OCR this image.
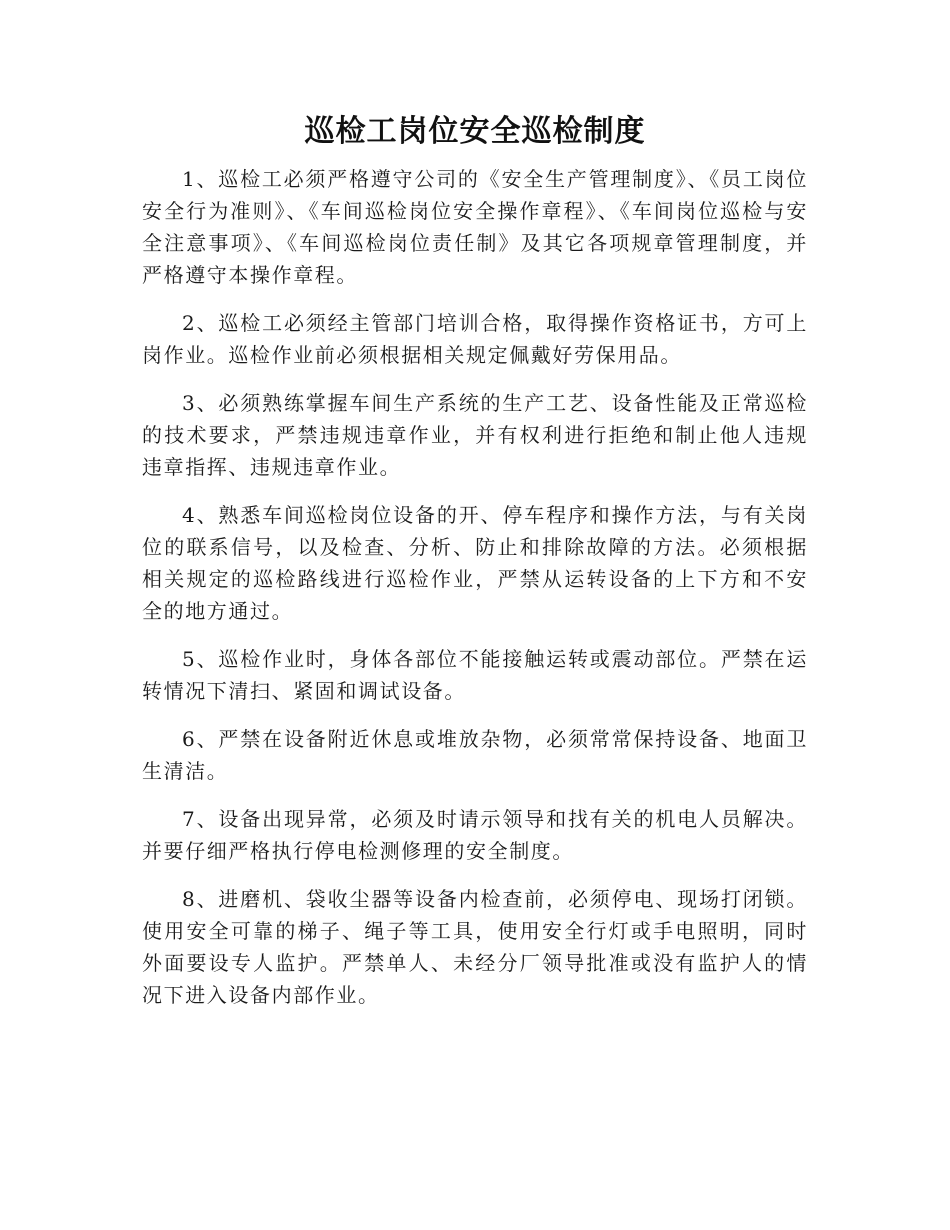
巡检工岗位安全巡检制度

1、巡检工必须严格遵守公司的《安全生产管理制度》、《员工岗位安全行为准则》、《车间巡检岗位安全操作章程》、《车间岗位巡检与安全注意事项》、《车间巡检岗位责任制》及其它各项规章管理制度，并严格遵守本操作章程。

2、巡检工必须经主管部门培训合格，取得操作资格证书，方可上岗作业。巡检作业前必须根据相关规定佩戴好劳保用品。

3、必须熟练掌握车间生产系统的生产工艺、设备性能及正常巡检的技术要求，严禁违规违章作业，并有权利进行拒绝和制止他人违规违章指挥、违规违章作业。

4、熟悉车间巡检岗位设备的开、停车程序和操作方法，与有关岗位的联系信号，以及检查、分析、防止和排除故障的方法。必须根据相关规定的巡检路线进行巡检作业，严禁从运转设备的上下方和不安全的地方通过。

5、巡检作业时，身体各部位不能接触运转或震动部位。严禁在运转情况下清扫、紧固和调试设备。

6、严禁在设备附近休息或堆放杂物，必须常常保持设备、地面卫生清洁。

7、设备出现异常，必须及时请示领导和找有关的机电人员解决。并要仔细严格执行停电检测修理的安全制度。

8、进磨机、袋收尘器等设备内检查前，必须停电、现场打闭锁。使用安全可靠的梯子、绳子等工具，使用安全行灯或手电照明，同时外面要设专人监护。严禁单人、未经分厂领导批准或没有监护人的情况下进入设备内部作业。
